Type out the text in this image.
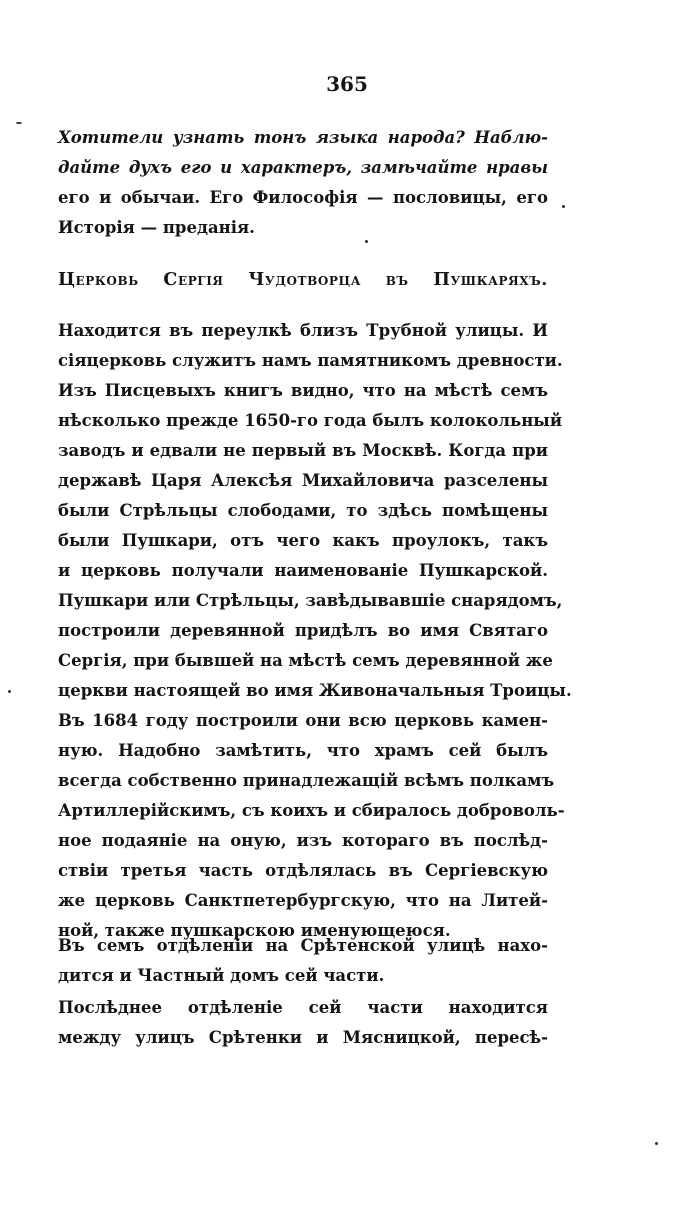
365
Хотители узнать тонъ языка народа? Наблю-
дайте духъ его и характеръ, замѣчайте нравы
его и обычаи. Его Философія — пословицы, его
Исторія — преданія.
Церковь Сергія Чудотворца въ Пушкаряхъ.
Находится въ переулкѣ близъ Трубной улицы. И
сіяцерковь служитъ намъ памятникомъ древности.
Изъ Писцевыхъ книгъ видно, что на мѣстѣ семъ
нѣсколько прежде 1650-го года былъ колокольный
заводъ и едвали не первый въ Москвѣ. Когда при
державѣ Царя Алексѣя Михайловича разселены
были Стрѣльцы слободами, то здѣсь помѣщены
были Пушкари, отъ чего какъ проулокъ, такъ
и церковь получали наименованіе Пушкарской.
Пушкари или Стрѣльцы, завѣдывавшіе снарядомъ,
построили деревянной придѣлъ во имя Святаго
Сергія, при бывшей на мѣстѣ семъ деревянной же
церкви настоящей во имя Живоначальныя Троицы.
Въ 1684 году построили они всю церковь камен-
ную. Надобно замѣтить, что храмъ сей былъ
всегда собственно принадлежащій всѣмъ полкамъ
Артиллерійскимъ, съ коихъ и сбиралось доброволь-
ное подаяніе на оную, изъ котораго въ послѣд-
ствіи третья часть отдѣлялась въ Сергіевскую
же церковь Санктпетербургскую, что на Литей-
ной, также пушкарскою именующеюся.
Въ семъ отдѣленіи на Срѣтенской улицѣ нахо-
дится и Частный домъ сей части.
Послѣднее отдѣленіе сей части находится
между улицъ Срѣтенки и Мясницкой, пересѣ-
